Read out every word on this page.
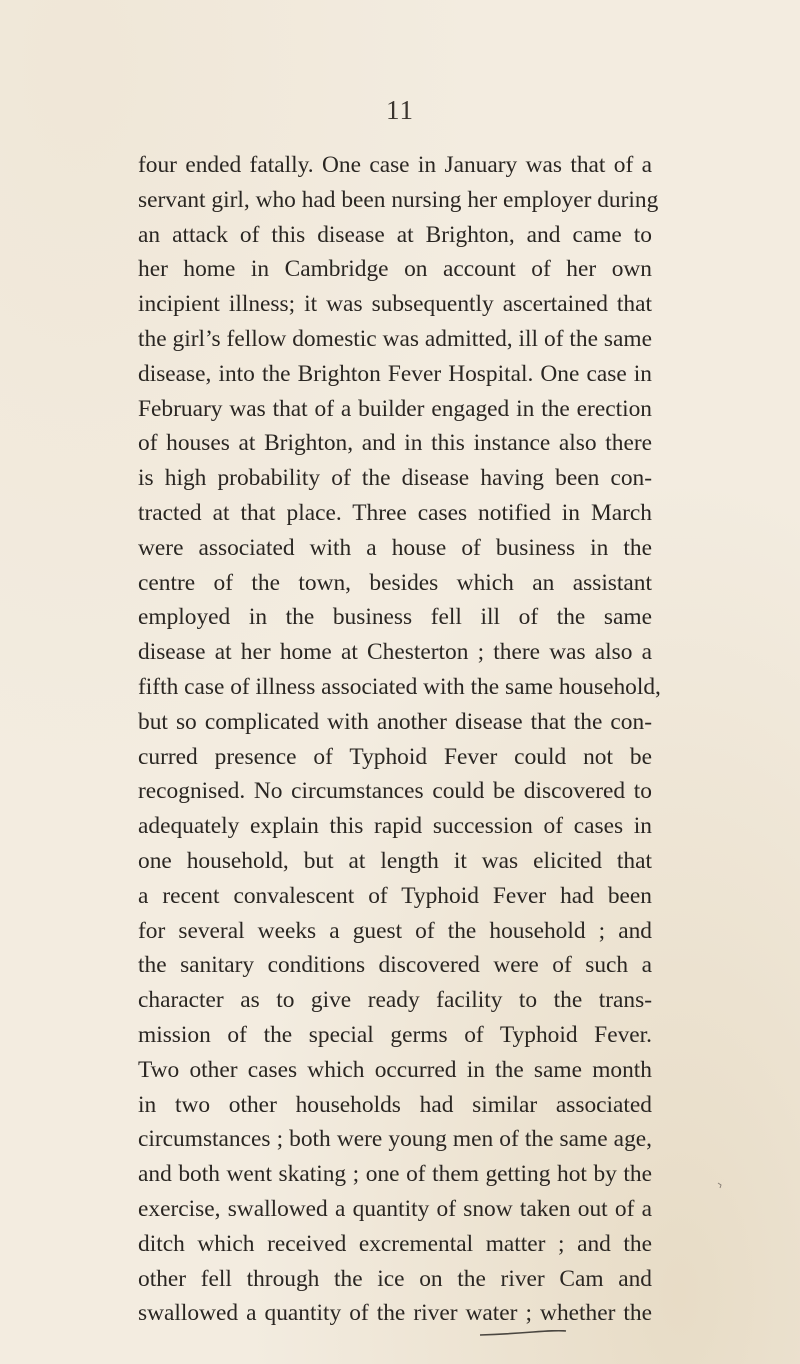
11
four ended fatally. One case in January was that of a
servant girl, who had been nursing her employer during
an attack of this disease at Brighton, and came to
her home in Cambridge on account of her own
incipient illness; it was subsequently ascertained that
the girl’s fellow domestic was admitted, ill of the same
disease, into the Brighton Fever Hospital. One case in
February was that of a builder engaged in the erection
of houses at Brighton, and in this instance also there
is high probability of the disease having been con-
tracted at that place. Three cases notified in March
were associated with a house of business in the
centre of the town, besides which an assistant
employed in the business fell ill of the same
disease at her home at Chesterton ; there was also a
fifth case of illness associated with the same household,
but so complicated with another disease that the con-
curred presence of Typhoid Fever could not be
recognised. No circumstances could be discovered to
adequately explain this rapid succession of cases in
one household, but at length it was elicited that
a recent convalescent of Typhoid Fever had been
for several weeks a guest of the household ; and
the sanitary conditions discovered were of such a
character as to give ready facility to the trans-
mission of the special germs of Typhoid Fever.
Two other cases which occurred in the same month
in two other households had similar associated
circumstances ; both were young men of the same age,
and both went skating ; one of them getting hot by the
exercise, swallowed a quantity of snow taken out of a
ditch which received excremental matter ; and the
other fell through the ice on the river Cam and
swallowed a quantity of the river water ; whether the
